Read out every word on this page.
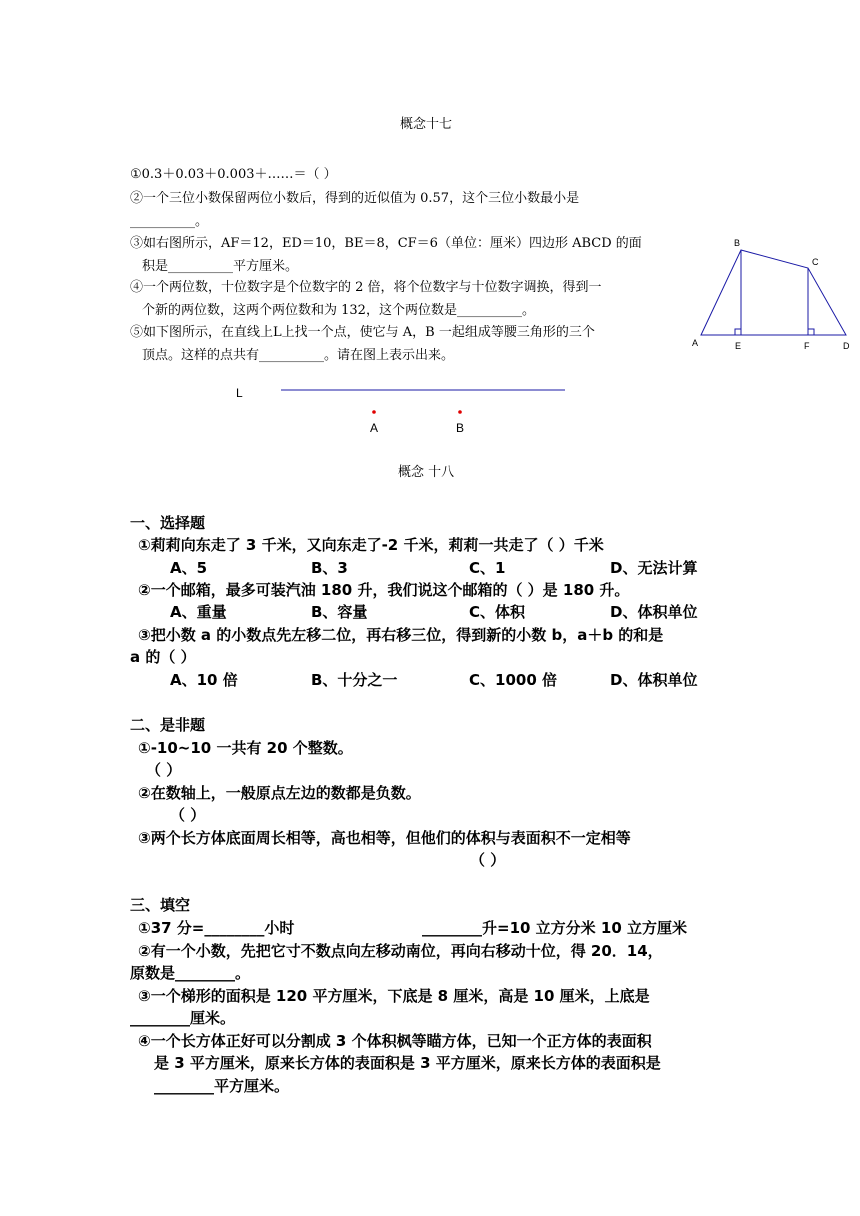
概念十七
①0.3＋0.03＋0.003＋……＝（ ）
②一个三位小数保留两位小数后，得到的近似值为 0.57，这个三位小数最小是
__________。
③如右图所示，AF＝12，ED＝10，BE＝8，CF＝6（单位：厘米）四边形 ABCD 的面
积是__________平方厘米。
④一个两位数，十位数字是个位数字的 2 倍，将个位数字与十位数字调换，得到一
个新的两位数，这两个两位数和为 132，这个两位数是__________。
⑤如下图所示，在直线上L上找一个点，使它与 A，B 一起组成等腰三角形的三个
顶点。这样的点共有__________。请在图上表示出来。
B
C
A	E	F	D
L
A	B
概念 十八
一、选择题
①莉莉向东走了 3 千米，又向东走了-2 千米，莉莉一共走了（ ）千米
A、5	B、3	C、1	D、无法计算
②一个邮箱，最多可装汽油 180 升，我们说这个邮箱的（ ）是 180 升。
A、重量	B、容量	C、体积	D、体积单位
③把小数 a 的小数点先左移二位，再右移三位，得到新的小数 b，a＋b 的和是
a 的（ ）
A、10 倍	B、十分之一	C、1000 倍	D、体积单位
二、是非题
①-10~10 一共有 20 个整数。
（ ）
②在数轴上，一般原点左边的数都是负数。
（ ）
③两个长方体底面周长相等，高也相等，但他们的体积与表面积不一定相等
（ ）
三、填空
①37 分=________小时	________升=10 立方分米 10 立方厘米
②有一个小数，先把它寸不数点向左移动南位，再向右移动十位，得 20．14，
原数是________。
③一个梯形的面积是 120 平方厘米，下底是 8 厘米，高是 10 厘米，上底是
________厘米。
④一个长方体正好可以分割成 3 个体积枫等瞄方体，已知一个正方体的表面积
是 3 平方厘米，原来长方体的表面积是 3 平方厘米，原来长方体的表面积是
________平方厘米。
